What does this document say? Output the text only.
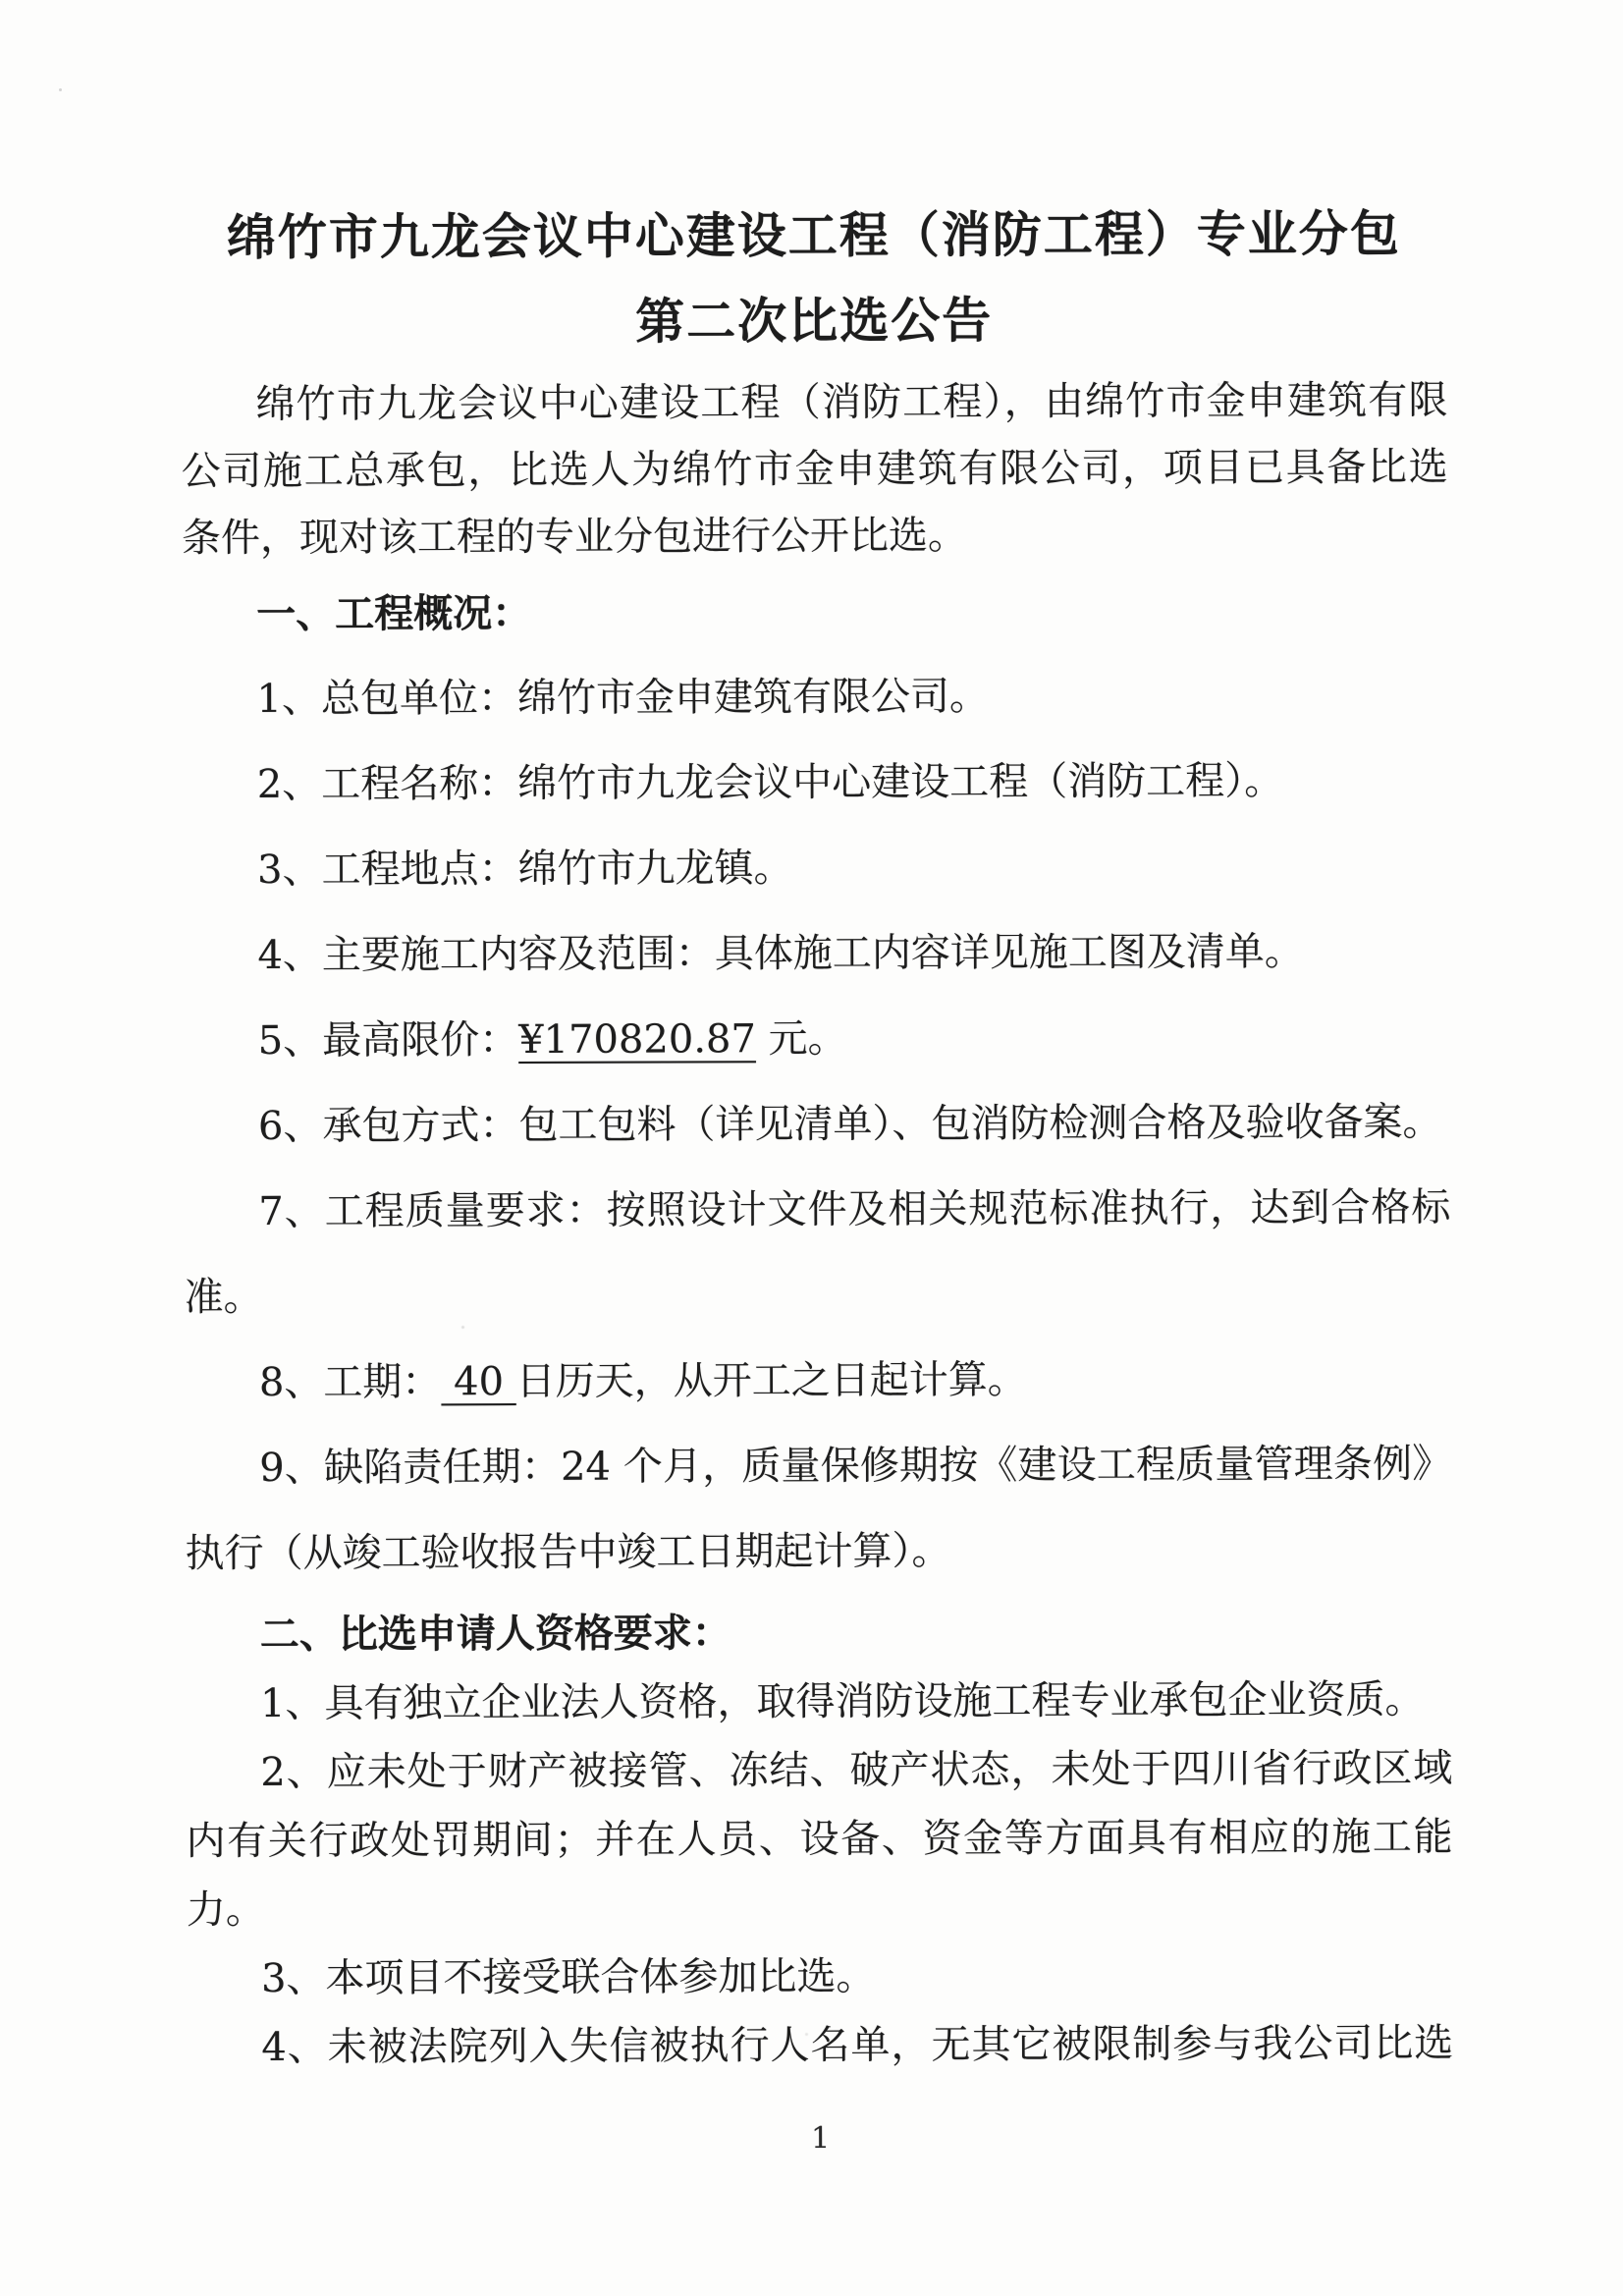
绵竹市九龙会议中心建设工程（消防工程）专业分包
第二次比选公告
绵竹市九龙会议中心建设工程（消防工程），由绵竹市金申建筑有限
公司施工总承包，比选人为绵竹市金申建筑有限公司，项目已具备比选
条件，现对该工程的专业分包进行公开比选。
一、工程概况：
1、总包单位：绵竹市金申建筑有限公司。
2、工程名称：绵竹市九龙会议中心建设工程（消防工程）。
3、工程地点：绵竹市九龙镇。
4、主要施工内容及范围：具体施工内容详见施工图及清单。
5、最高限价：¥170820.87 元。
6、承包方式：包工包料（详见清单）、包消防检测合格及验收备案。
7、工程质量要求：按照设计文件及相关规范标准执行，达到合格标
准。
8、工期： 40 日历天，从开工之日起计算。
9、缺陷责任期：24 个月，质量保修期按《建设工程质量管理条例》
执行（从竣工验收报告中竣工日期起计算）。
二、比选申请人资格要求：
1、具有独立企业法人资格，取得消防设施工程专业承包企业资质。
2、应未处于财产被接管、冻结、破产状态，未处于四川省行政区域
内有关行政处罚期间；并在人员、设备、资金等方面具有相应的施工能
力。
3、本项目不接受联合体参加比选。
4、未被法院列入失信被执行人名单，无其它被限制参与我公司比选
1
